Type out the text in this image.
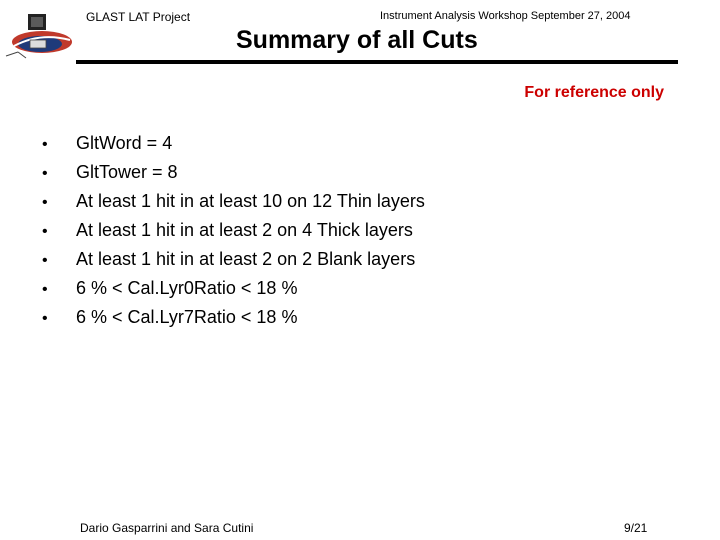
GLAST LAT Project	Instrument Analysis Workshop September 27, 2004
Summary of all Cuts
For reference only
• GltWord = 4
• GltTower = 8
• At least 1 hit in at least 10 on 12 Thin layers
• At least 1 hit in at least 2 on 4 Thick layers
• At least 1 hit in at least 2 on 2 Blank layers
• 6 % < Cal.Lyr0Ratio < 18 %
• 6 % < Cal.Lyr7Ratio < 18 %
Dario Gasparrini and Sara Cutini	9/21
